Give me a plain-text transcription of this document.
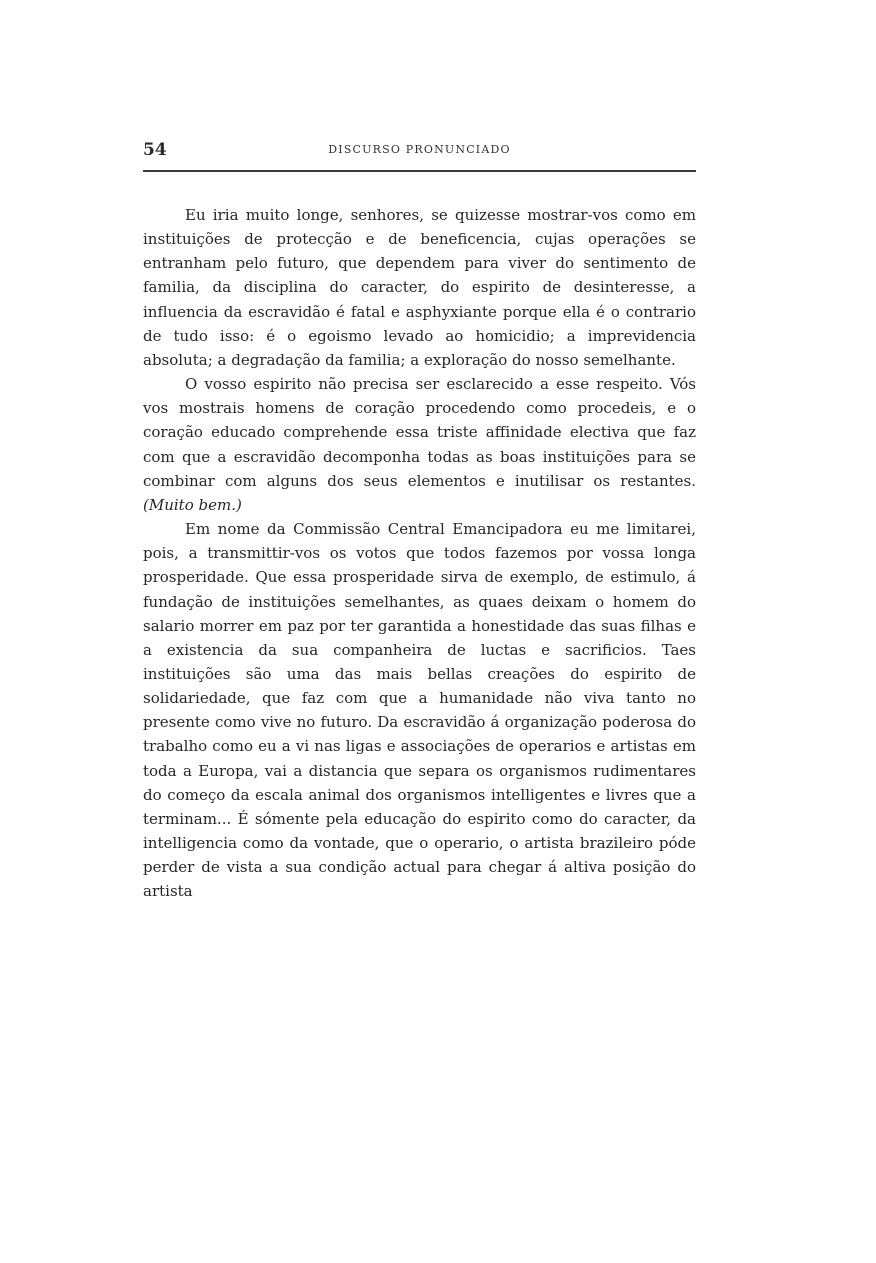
54	DISCURSO PRONUNCIADO

Eu iria muito longe, senhores, se quizesse mostrar-vos como em instituições de protecção e de beneficencia, cujas operações se entranham pelo futuro, que dependem para viver do sentimento de familia, da disciplina do caracter, do espirito de desinteresse, a influencia da escravidão é fatal e asphyxiante porque ella é o contrario de tudo isso: é o egoismo levado ao homicidio; a imprevidencia absoluta; a degradação da familia; a exploração do nosso semelhante.

O vosso espirito não precisa ser esclarecido a esse respeito. Vós vos mostrais homens de coração procedendo como procedeis, e o coração educado comprehende essa triste affinidade electiva que faz com que a escravidão decomponha todas as boas instituições para se combinar com alguns dos seus elementos e inutilisar os restantes. (Muito bem.)

Em nome da Commissão Central Emancipadora eu me limitarei, pois, a transmittir-vos os votos que todos fazemos por vossa longa prosperidade. Que essa prosperidade sirva de exemplo, de estimulo, á fundação de instituições semelhantes, as quaes deixam o homem do salario morrer em paz por ter garantida a honestidade das suas filhas e a existencia da sua companheira de luctas e sacrificios. Taes instituições são uma das mais bellas creações do espirito de solidariedade, que faz com que a humanidade não viva tanto no presente como vive no futuro. Da escravidão á organização poderosa do trabalho como eu a vi nas ligas e associações de operarios e artistas em toda a Europa, vai a distancia que separa os organismos rudimentares do começo da escala animal dos organismos intelligentes e livres que a terminam... É sómente pela educação do espirito como do caracter, da intelligencia como da vontade, que o operario, o artista brazileiro póde perder de vista a sua condição actual para chegar á altiva posição do artista
